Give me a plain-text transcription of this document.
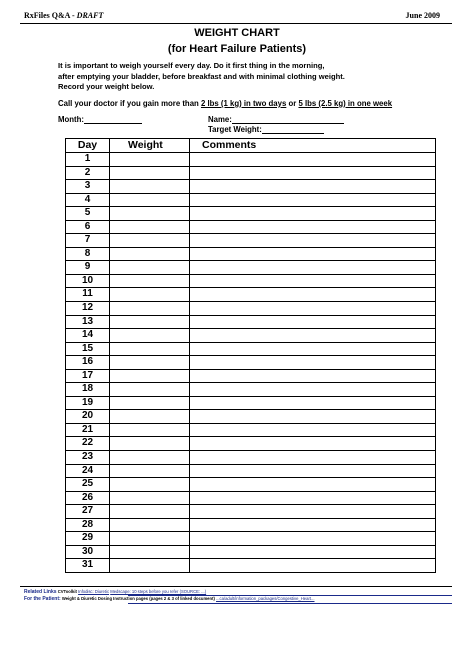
RxFiles Q&A - DRAFT	June 2009
WEIGHT CHART
(for Heart Failure Patients)
It is important to weigh yourself every day. Do it first thing in the morning,
after emptying your bladder, before breakfast and with minimal clothing weight.
Record your weight below.
Call your doctor if you gain more than 2 lbs (1 kg) in two days or 5 lbs (2.5 kg) in one week
Month:	Name:
Target Weight:
Day	Weight	Comments
1		
2		
3		
4		
5		
6		
7		
8		
9		
10		
11		
12		
13		
14		
15		
16		
17		
18		
19		
20		
21		
22		
23		
24		
25		
26		
27		
28		
29		
30		
31		
Related Links CVToolkit Infodisc: Diuretic Medscape: 10 steps before you refer (SOURCE: ...)
For the Patient: Weight & Diuretic Dosing Instruction pages (pages 2 & 3 of linked document) ...ca/adult/information_packages/Congestive_Heart...
